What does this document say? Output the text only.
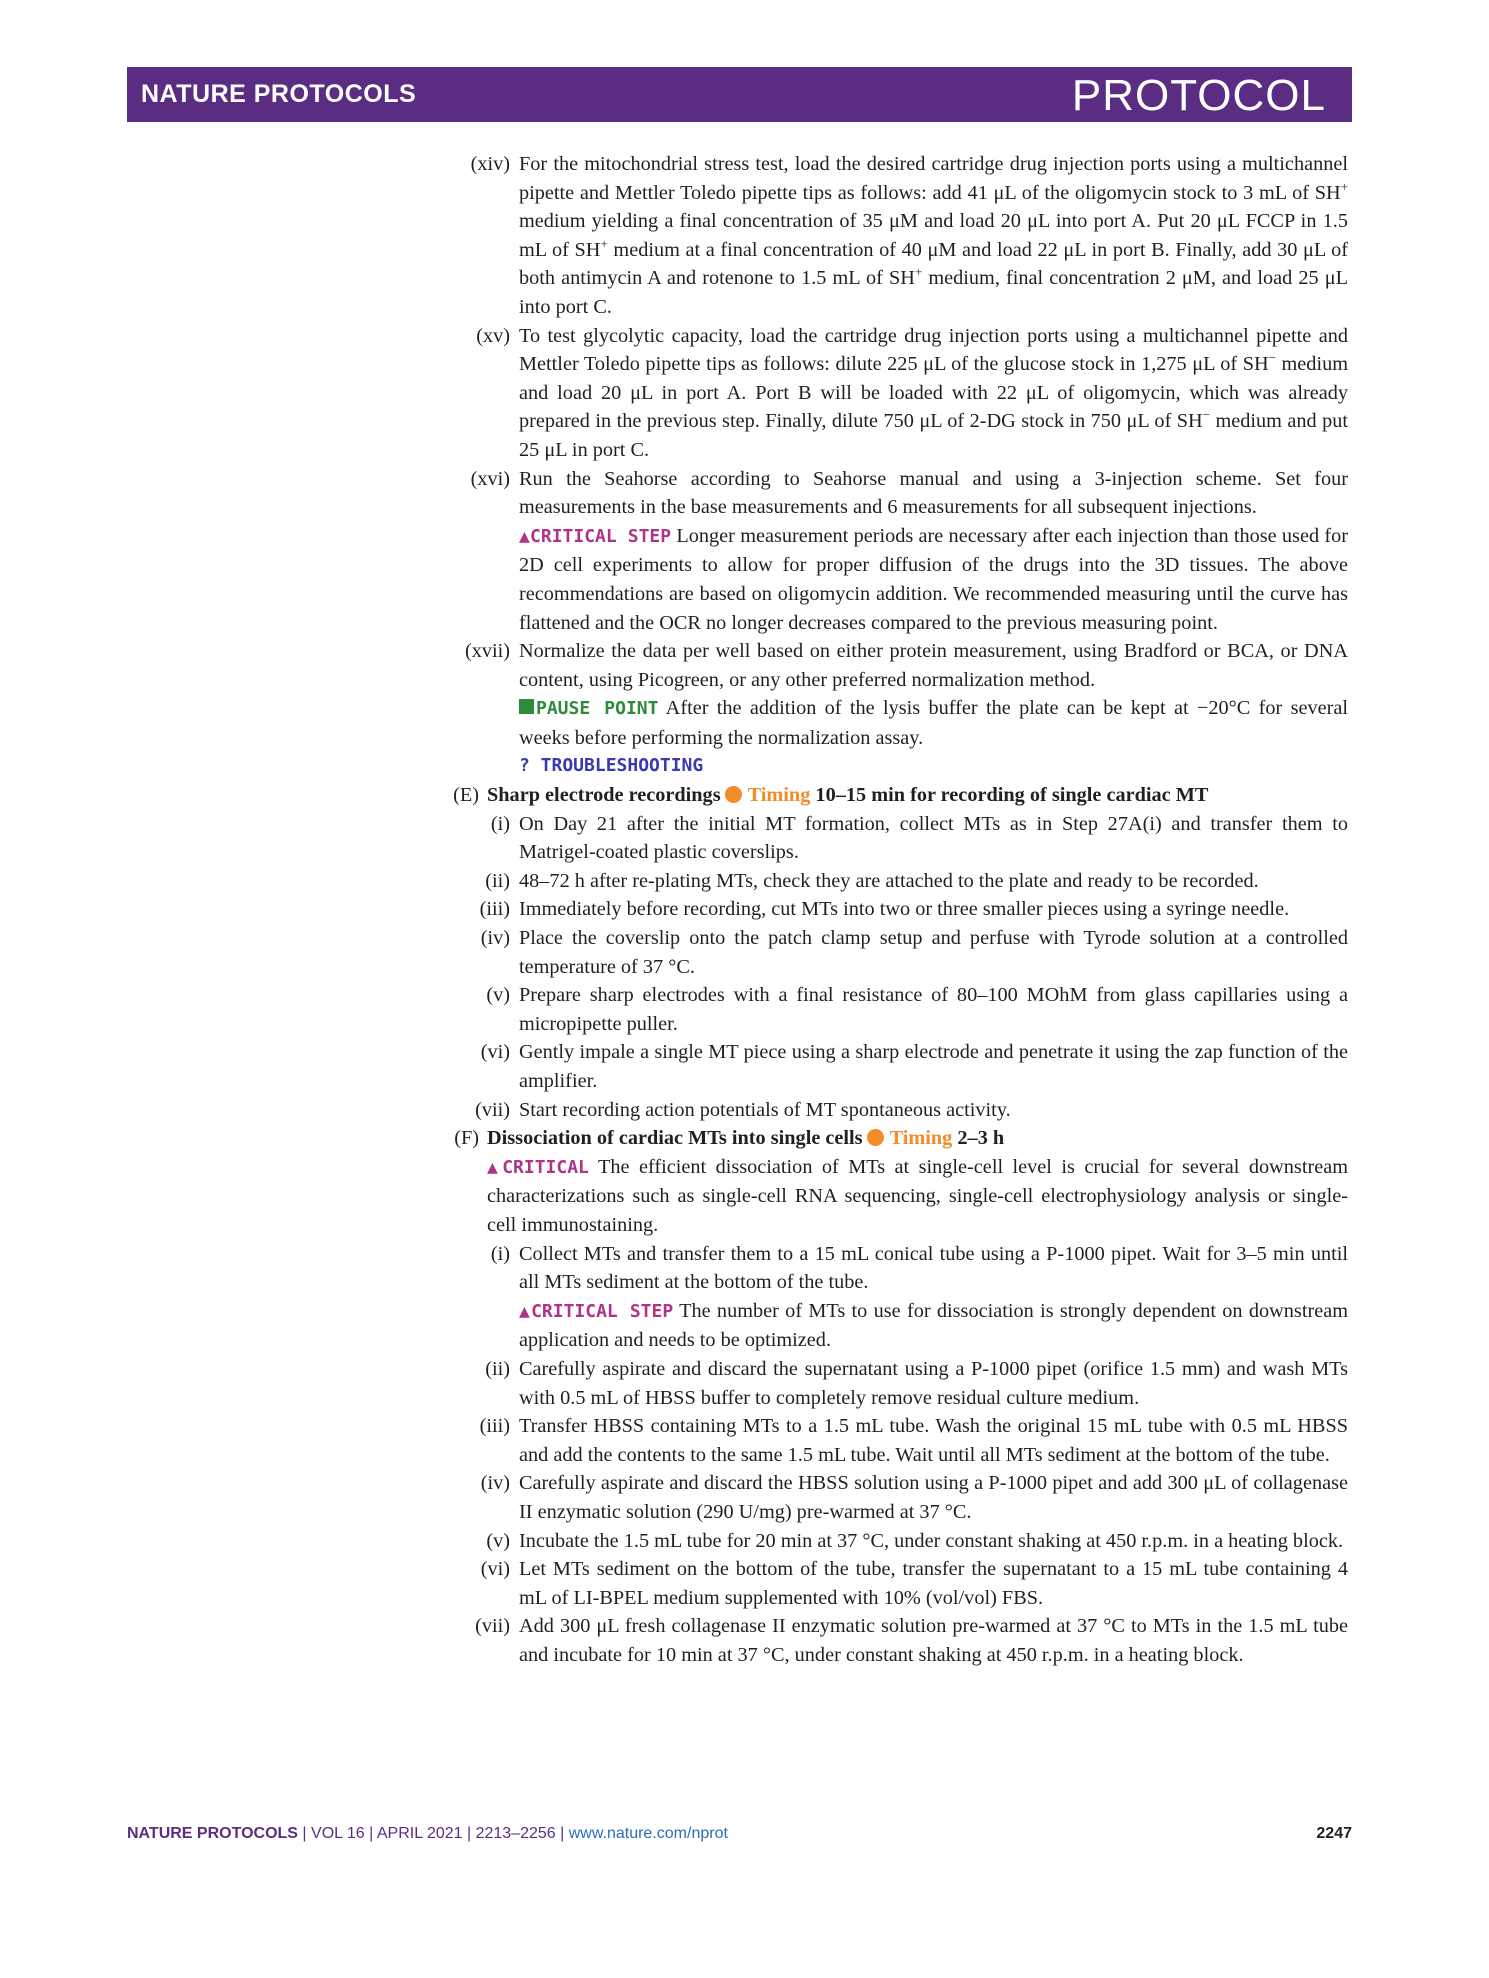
NATURE PROTOCOLS	PROTOCOL
(xiv) For the mitochondrial stress test, load the desired cartridge drug injection ports using a multichannel pipette and Mettler Toledo pipette tips as follows: add 41 μL of the oligomycin stock to 3 mL of SH+ medium yielding a final concentration of 35 μM and load 20 μL into port A. Put 20 μL FCCP in 1.5 mL of SH+ medium at a final concentration of 40 μM and load 22 μL in port B. Finally, add 30 μL of both antimycin A and rotenone to 1.5 mL of SH+ medium, final concentration 2 μM, and load 25 μL into port C.
(xv) To test glycolytic capacity, load the cartridge drug injection ports using a multichannel pipette and Mettler Toledo pipette tips as follows: dilute 225 μL of the glucose stock in 1,275 μL of SH− medium and load 20 μL in port A. Port B will be loaded with 22 μL of oligomycin, which was already prepared in the previous step. Finally, dilute 750 μL of 2-DG stock in 750 μL of SH− medium and put 25 μL in port C.
(xvi) Run the Seahorse according to Seahorse manual and using a 3-injection scheme. Set four measurements in the base measurements and 6 measurements for all subsequent injections.
▲CRITICAL STEP Longer measurement periods are necessary after each injection than those used for 2D cell experiments to allow for proper diffusion of the drugs into the 3D tissues. The above recommendations are based on oligomycin addition. We recommended measuring until the curve has flattened and the OCR no longer decreases compared to the previous measuring point.
(xvii) Normalize the data per well based on either protein measurement, using Bradford or BCA, or DNA content, using Picogreen, or any other preferred normalization method.
PAUSE POINT After the addition of the lysis buffer the plate can be kept at −20°C for several weeks before performing the normalization assay.
? TROUBLESHOOTING
(E) Sharp electrode recordings Timing 10–15 min for recording of single cardiac MT
(i) On Day 21 after the initial MT formation, collect MTs as in Step 27A(i) and transfer them to Matrigel-coated plastic coverslips.
(ii) 48–72 h after re-plating MTs, check they are attached to the plate and ready to be recorded.
(iii) Immediately before recording, cut MTs into two or three smaller pieces using a syringe needle.
(iv) Place the coverslip onto the patch clamp setup and perfuse with Tyrode solution at a controlled temperature of 37 °C.
(v) Prepare sharp electrodes with a final resistance of 80–100 MOhM from glass capillaries using a micropipette puller.
(vi) Gently impale a single MT piece using a sharp electrode and penetrate it using the zap function of the amplifier.
(vii) Start recording action potentials of MT spontaneous activity.
(F) Dissociation of cardiac MTs into single cells Timing 2–3 h
▲CRITICAL The efficient dissociation of MTs at single-cell level is crucial for several downstream characterizations such as single-cell RNA sequencing, single-cell electrophysiology analysis or single-cell immunostaining.
(i) Collect MTs and transfer them to a 15 mL conical tube using a P-1000 pipet. Wait for 3–5 min until all MTs sediment at the bottom of the tube.
▲CRITICAL STEP The number of MTs to use for dissociation is strongly dependent on downstream application and needs to be optimized.
(ii) Carefully aspirate and discard the supernatant using a P-1000 pipet (orifice 1.5 mm) and wash MTs with 0.5 mL of HBSS buffer to completely remove residual culture medium.
(iii) Transfer HBSS containing MTs to a 1.5 mL tube. Wash the original 15 mL tube with 0.5 mL HBSS and add the contents to the same 1.5 mL tube. Wait until all MTs sediment at the bottom of the tube.
(iv) Carefully aspirate and discard the HBSS solution using a P-1000 pipet and add 300 μL of collagenase II enzymatic solution (290 U/mg) pre-warmed at 37 °C.
(v) Incubate the 1.5 mL tube for 20 min at 37 °C, under constant shaking at 450 r.p.m. in a heating block.
(vi) Let MTs sediment on the bottom of the tube, transfer the supernatant to a 15 mL tube containing 4 mL of LI-BPEL medium supplemented with 10% (vol/vol) FBS.
(vii) Add 300 μL fresh collagenase II enzymatic solution pre-warmed at 37 °C to MTs in the 1.5 mL tube and incubate for 10 min at 37 °C, under constant shaking at 450 r.p.m. in a heating block.
NATURE PROTOCOLS | VOL 16 | APRIL 2021 | 2213–2256 | www.nature.com/nprot	2247
